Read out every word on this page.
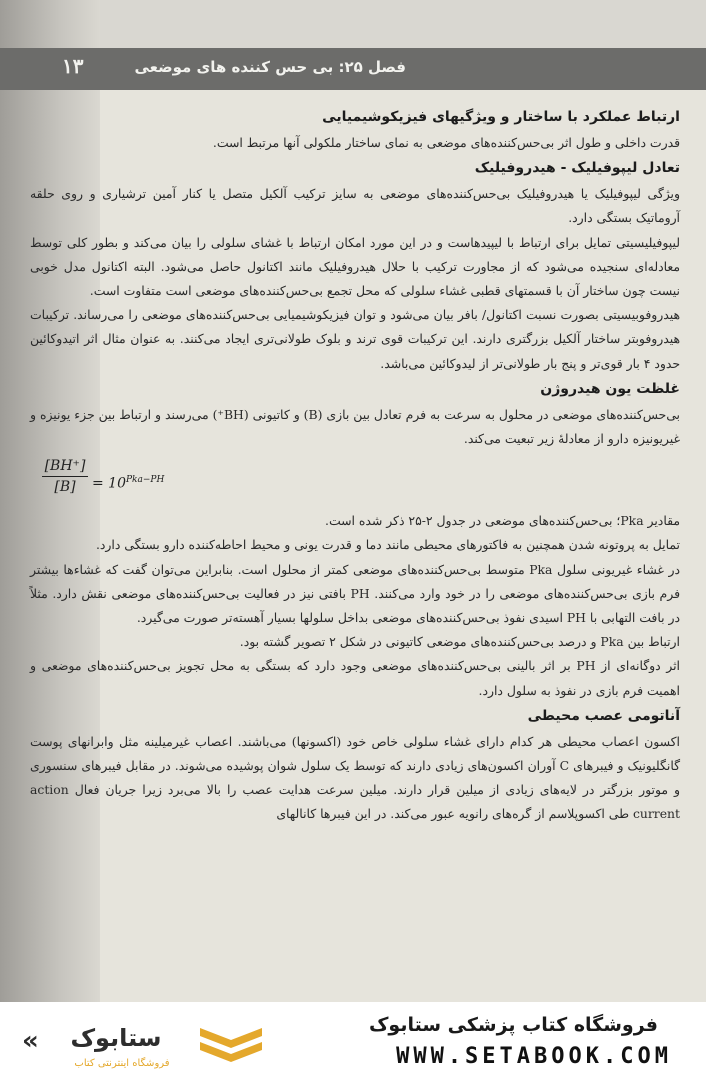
۱۳	فصل ۲۵: بی حس کننده های موضعی
ارتباط عملکرد با ساختار و ویژگیهای فیزیکوشیمیایی

قدرت داخلی و طول اثر بی‌حس‌کننده‌های موضعی به نمای ساختار ملکولی آنها مرتبط است.

تعادل لیپوفیلیک - هیدروفیلیک

ویژگی لیپوفیلیک یا هیدروفیلیک بی‌حس‌کننده‌های موضعی به سایز ترکیب آلکیل متصل یا کنار آمین ترشیاری و روی حلقه آروماتیک بستگی دارد.

لیپوفیلیسیتی تمایل برای ارتباط با لیپیدهاست و در این مورد امکان ارتباط با غشای سلولی را بیان می‌کند و بطور کلی توسط معادله‌ای سنجیده می‌شود که از مجاورت ترکیب با حلال هیدروفیلیک مانند اکتانول حاصل می‌شود. البته اکتانول مدل خوبی نیست چون ساختار آن با قسمتهای قطبی غشاء سلولی که محل تجمع بی‌حس‌کننده‌های موضعی است متفاوت است.

هیدروفوبیسیتی بصورت نسبت اکتانول/ بافر بیان می‌شود و توان فیزیکوشیمیایی بی‌حس‌کننده‌های موضعی را می‌رساند. ترکیبات هیدروفوبتر ساختار آلکیل بزرگتری دارند. این ترکیبات قوی ترند و بلوک طولانی‌تری ایجاد می‌کنند. به عنوان مثال اثر اتیدوکائین حدود ۴ بار قوی‌تر و پنج بار طولانی‌تر از لیدوکائین می‌باشد.

غلظت یون هیدروژن

بی‌حس‌کننده‌های موضعی در محلول به سرعت به فرم تعادل بین بازی (B) و کاتیونی (BH⁺) می‌رسند و ارتباط بین جزء یونیزه و غیریونیزه دارو از معادلهٔ زیر تبعیت می‌کند.

$\frac{[BH^+]}{[B]} = 10^{Pka-PH}$

مقادیر Pka؛ بی‌حس‌کننده‌های موضعی در جدول ۲-۲۵ ذکر شده است.

تمایل به پروتونه شدن همچنین به فاکتورهای محیطی مانند دما و قدرت یونی و محیط احاطه‌کننده دارو بستگی دارد.

در غشاء غیریونی سلول Pka متوسط بی‌حس‌کننده‌های موضعی کمتر از محلول است. بنابراین می‌توان گفت که غشاءها بیشتر فرم بازی بی‌حس‌کننده‌های موضعی را در خود وارد می‌کنند. PH بافتی نیز در فعالیت بی‌حس‌کننده‌های موضعی نقش دارد. مثلاً در بافت التهابی با PH اسیدی نفوذ بی‌حس‌کننده‌های موضعی بداخل سلولها بسیار آهسته‌تر صورت می‌گیرد.

ارتباط بین Pka و درصد بی‌حس‌کننده‌های موضعی کاتیونی در شکل ۲ تصویر گشته بود.

اثر دوگانه‌ای از PH بر اثر بالینی بی‌حس‌کننده‌های موضعی وجود دارد که بستگی به محل تجویز بی‌حس‌کننده‌های موضعی و اهمیت فرم بازی در نفوذ به سلول دارد.

آناتومی عصب محیطی

اکسون اعصاب محیطی هر کدام دارای غشاء سلولی خاص خود (اکسونها) می‌باشند. اعصاب غیرمیلینه مثل وابرانهای پوست گانگلیونیک و فیبرهای C آوران اکسون‌های زیادی دارند که توسط یک سلول شوان پوشیده می‌شوند. در مقابل فیبرهای سنسوری و موتور بزرگتر در لایه‌های زیادی از میلین قرار دارند. میلین سرعت هدایت عصب را بالا می‌برد زیرا جریان فعال action current طی اکسوپلاسم از گره‌های رانویه عبور می‌کند. در این فیبرها کانالهای

«	ستابوک
فروشگاه اینترنتی کتاب
فروشگاه کتاب پزشکی ستابوک
WWW.SETABOOK.COM
